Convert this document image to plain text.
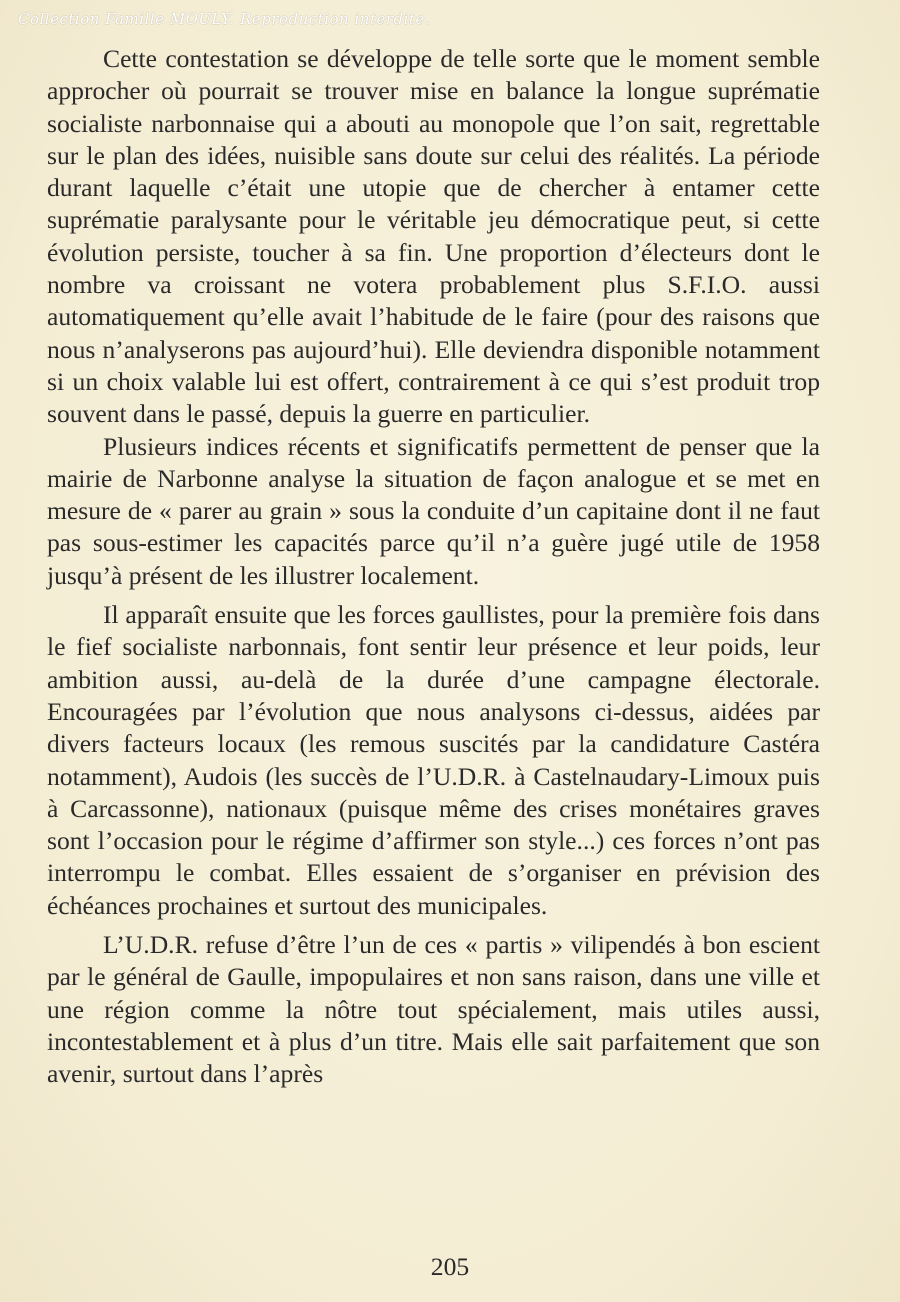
Collection Famille MOULY. Reproduction interdite.

Cette contestation se développe de telle sorte que le moment semble approcher où pourrait se trouver mise en balance la longue suprématie socialiste narbonnaise qui a abouti au monopole que l’on sait, regrettable sur le plan des idées, nuisible sans doute sur celui des réalités. La période durant laquelle c’était une utopie que de chercher à entamer cette suprématie paralysante pour le véritable jeu démocratique peut, si cette évolution persiste, toucher à sa fin. Une proportion d’électeurs dont le nombre va croissant ne votera probablement plus S.F.I.O. aussi automatiquement qu’elle avait l’habitude de le faire (pour des raisons que nous n’analyserons pas aujourd’hui). Elle deviendra disponible notamment si un choix valable lui est offert, contrairement à ce qui s’est produit trop souvent dans le passé, depuis la guerre en particulier.

Plusieurs indices récents et significatifs permettent de penser que la mairie de Narbonne analyse la situation de façon analogue et se met en mesure de « parer au grain » sous la conduite d’un capitaine dont il ne faut pas sous-estimer les capacités parce qu’il n’a guère jugé utile de 1958 jusqu’à présent de les illustrer localement.

Il apparaît ensuite que les forces gaullistes, pour la première fois dans le fief socialiste narbonnais, font sentir leur présence et leur poids, leur ambition aussi, au-delà de la durée d’une campagne électorale. Encouragées par l’évolution que nous analysons ci-dessus, aidées par divers facteurs locaux (les remous suscités par la candidature Castéra notamment), Audois (les succès de l’U.D.R. à Castelnaudary-Limoux puis à Carcassonne), nationaux (puisque même des crises monétaires graves sont l’occasion pour le régime d’affirmer son style...) ces forces n’ont pas interrompu le combat. Elles essaient de s’organiser en prévision des échéances prochaines et surtout des municipales.

L’U.D.R. refuse d’être l’un de ces « partis » vilipendés à bon escient par le général de Gaulle, impopulaires et non sans raison, dans une ville et une région comme la nôtre tout spécialement, mais utiles aussi, incontestablement et à plus d’un titre. Mais elle sait parfaitement que son avenir, surtout dans l’après

205
